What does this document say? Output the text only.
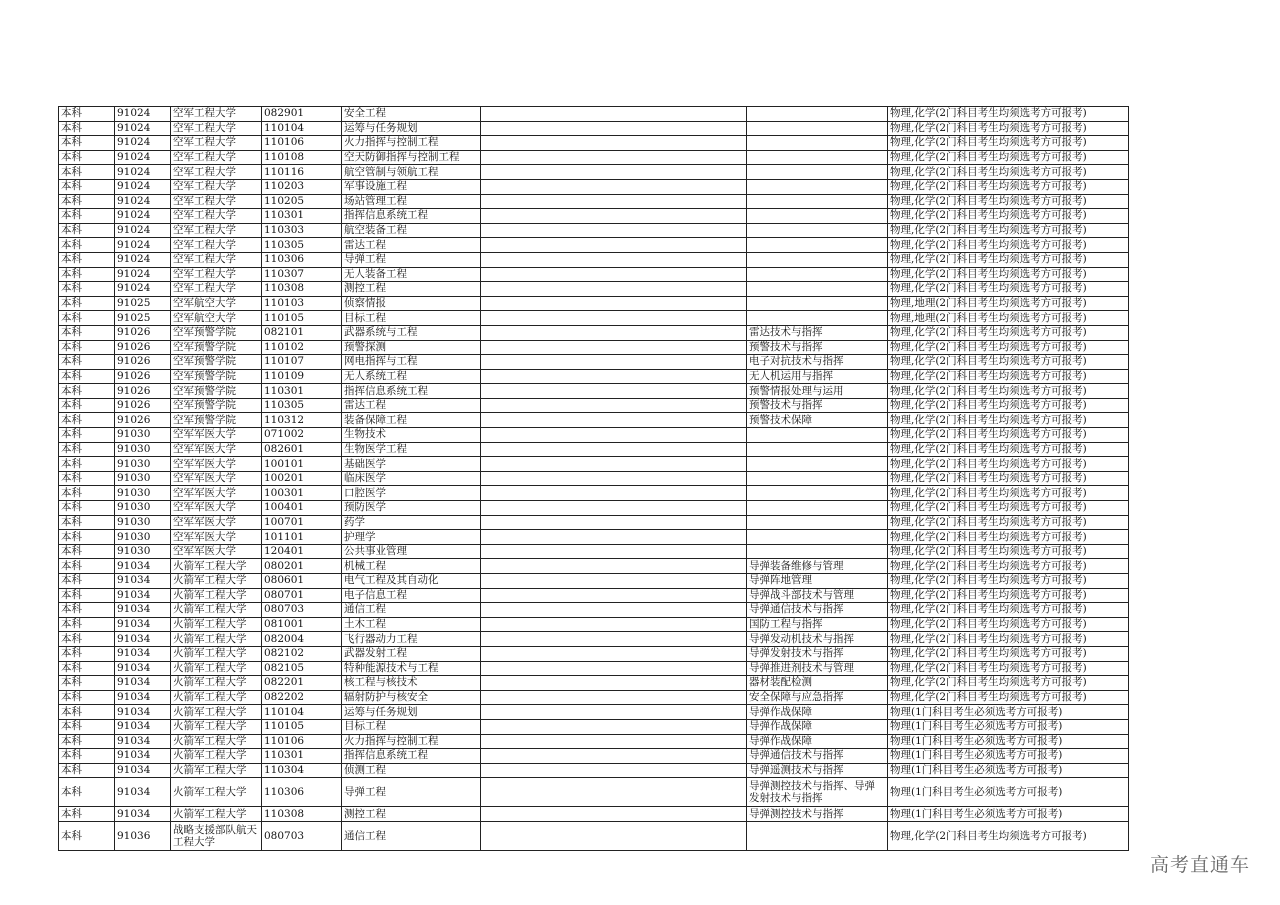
本科	91024	空军工程大学	082901	安全工程			物理,化学(2门科目考生均须选考方可报考)
本科	91024	空军工程大学	110104	运筹与任务规划			物理,化学(2门科目考生均须选考方可报考)
本科	91024	空军工程大学	110106	火力指挥与控制工程			物理,化学(2门科目考生均须选考方可报考)
本科	91024	空军工程大学	110108	空天防御指挥与控制工程			物理,化学(2门科目考生均须选考方可报考)
本科	91024	空军工程大学	110116	航空管制与领航工程			物理,化学(2门科目考生均须选考方可报考)
本科	91024	空军工程大学	110203	军事设施工程			物理,化学(2门科目考生均须选考方可报考)
本科	91024	空军工程大学	110205	场站管理工程			物理,化学(2门科目考生均须选考方可报考)
本科	91024	空军工程大学	110301	指挥信息系统工程			物理,化学(2门科目考生均须选考方可报考)
本科	91024	空军工程大学	110303	航空装备工程			物理,化学(2门科目考生均须选考方可报考)
本科	91024	空军工程大学	110305	雷达工程			物理,化学(2门科目考生均须选考方可报考)
本科	91024	空军工程大学	110306	导弹工程			物理,化学(2门科目考生均须选考方可报考)
本科	91024	空军工程大学	110307	无人装备工程			物理,化学(2门科目考生均须选考方可报考)
本科	91024	空军工程大学	110308	测控工程			物理,化学(2门科目考生均须选考方可报考)
本科	91025	空军航空大学	110103	侦察情报			物理,地理(2门科目考生均须选考方可报考)
本科	91025	空军航空大学	110105	目标工程			物理,地理(2门科目考生均须选考方可报考)
本科	91026	空军预警学院	082101	武器系统与工程		雷达技术与指挥	物理,化学(2门科目考生均须选考方可报考)
本科	91026	空军预警学院	110102	预警探测		预警技术与指挥	物理,化学(2门科目考生均须选考方可报考)
本科	91026	空军预警学院	110107	网电指挥与工程		电子对抗技术与指挥	物理,化学(2门科目考生均须选考方可报考)
本科	91026	空军预警学院	110109	无人系统工程		无人机运用与指挥	物理,化学(2门科目考生均须选考方可报考)
本科	91026	空军预警学院	110301	指挥信息系统工程		预警情报处理与运用	物理,化学(2门科目考生均须选考方可报考)
本科	91026	空军预警学院	110305	雷达工程		预警技术与指挥	物理,化学(2门科目考生均须选考方可报考)
本科	91026	空军预警学院	110312	装备保障工程		预警技术保障	物理,化学(2门科目考生均须选考方可报考)
本科	91030	空军军医大学	071002	生物技术			物理,化学(2门科目考生均须选考方可报考)
本科	91030	空军军医大学	082601	生物医学工程			物理,化学(2门科目考生均须选考方可报考)
本科	91030	空军军医大学	100101	基础医学			物理,化学(2门科目考生均须选考方可报考)
本科	91030	空军军医大学	100201	临床医学			物理,化学(2门科目考生均须选考方可报考)
本科	91030	空军军医大学	100301	口腔医学			物理,化学(2门科目考生均须选考方可报考)
本科	91030	空军军医大学	100401	预防医学			物理,化学(2门科目考生均须选考方可报考)
本科	91030	空军军医大学	100701	药学			物理,化学(2门科目考生均须选考方可报考)
本科	91030	空军军医大学	101101	护理学			物理,化学(2门科目考生均须选考方可报考)
本科	91030	空军军医大学	120401	公共事业管理			物理,化学(2门科目考生均须选考方可报考)
本科	91034	火箭军工程大学	080201	机械工程		导弹装备维修与管理	物理,化学(2门科目考生均须选考方可报考)
本科	91034	火箭军工程大学	080601	电气工程及其自动化		导弹阵地管理	物理,化学(2门科目考生均须选考方可报考)
本科	91034	火箭军工程大学	080701	电子信息工程		导弹战斗部技术与管理	物理,化学(2门科目考生均须选考方可报考)
本科	91034	火箭军工程大学	080703	通信工程		导弹通信技术与指挥	物理,化学(2门科目考生均须选考方可报考)
本科	91034	火箭军工程大学	081001	土木工程		国防工程与指挥	物理,化学(2门科目考生均须选考方可报考)
本科	91034	火箭军工程大学	082004	飞行器动力工程		导弹发动机技术与指挥	物理,化学(2门科目考生均须选考方可报考)
本科	91034	火箭军工程大学	082102	武器发射工程		导弹发射技术与指挥	物理,化学(2门科目考生均须选考方可报考)
本科	91034	火箭军工程大学	082105	特种能源技术与工程		导弹推进剂技术与管理	物理,化学(2门科目考生均须选考方可报考)
本科	91034	火箭军工程大学	082201	核工程与核技术		器材装配检测	物理,化学(2门科目考生均须选考方可报考)
本科	91034	火箭军工程大学	082202	辐射防护与核安全		安全保障与应急指挥	物理,化学(2门科目考生均须选考方可报考)
本科	91034	火箭军工程大学	110104	运筹与任务规划		导弹作战保障	物理(1门科目考生必须选考方可报考)
本科	91034	火箭军工程大学	110105	目标工程		导弹作战保障	物理(1门科目考生必须选考方可报考)
本科	91034	火箭军工程大学	110106	火力指挥与控制工程		导弹作战保障	物理(1门科目考生必须选考方可报考)
本科	91034	火箭军工程大学	110301	指挥信息系统工程		导弹通信技术与指挥	物理(1门科目考生必须选考方可报考)
本科	91034	火箭军工程大学	110304	侦测工程		导弹遥测技术与指挥	物理(1门科目考生必须选考方可报考)
本科	91034	火箭军工程大学	110306	导弹工程		导弹测控技术与指挥、导弹发射技术与指挥	物理(1门科目考生必须选考方可报考)
本科	91034	火箭军工程大学	110308	测控工程		导弹测控技术与指挥	物理(1门科目考生必须选考方可报考)
本科	91036	战略支援部队航天工程大学	080703	通信工程			物理,化学(2门科目考生均须选考方可报考)
高考直通车
